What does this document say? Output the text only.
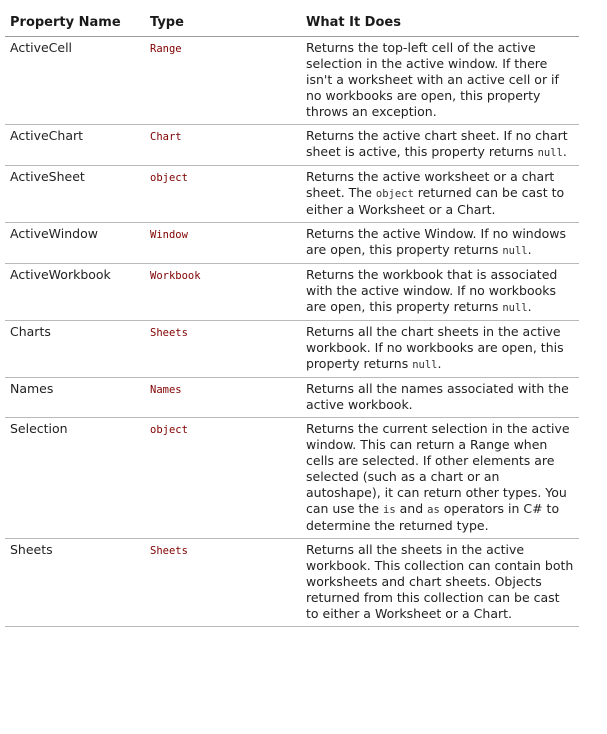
Property Name	Type	What It Does
ActiveCell	Range	Returns the top-left cell of the active selection in the active window. If there isn't a worksheet with an active cell or if no workbooks are open, this property throws an exception.
ActiveChart	Chart	Returns the active chart sheet. If no chart sheet is active, this property returns null.
ActiveSheet	object	Returns the active worksheet or a chart sheet. The object returned can be cast to either a Worksheet or a Chart.
ActiveWindow	Window	Returns the active Window. If no windows are open, this property returns null.
ActiveWorkbook	Workbook	Returns the workbook that is associated with the active window. If no workbooks are open, this property returns null.
Charts	Sheets	Returns all the chart sheets in the active workbook. If no workbooks are open, this property returns null.
Names	Names	Returns all the names associated with the active workbook.
Selection	object	Returns the current selection in the active window. This can return a Range when cells are selected. If other elements are selected (such as a chart or an autoshape), it can return other types. You can use the is and as operators in C# to determine the returned type.
Sheets	Sheets	Returns all the sheets in the active workbook. This collection can contain both worksheets and chart sheets. Objects returned from this collection can be cast to either a Worksheet or a Chart.
